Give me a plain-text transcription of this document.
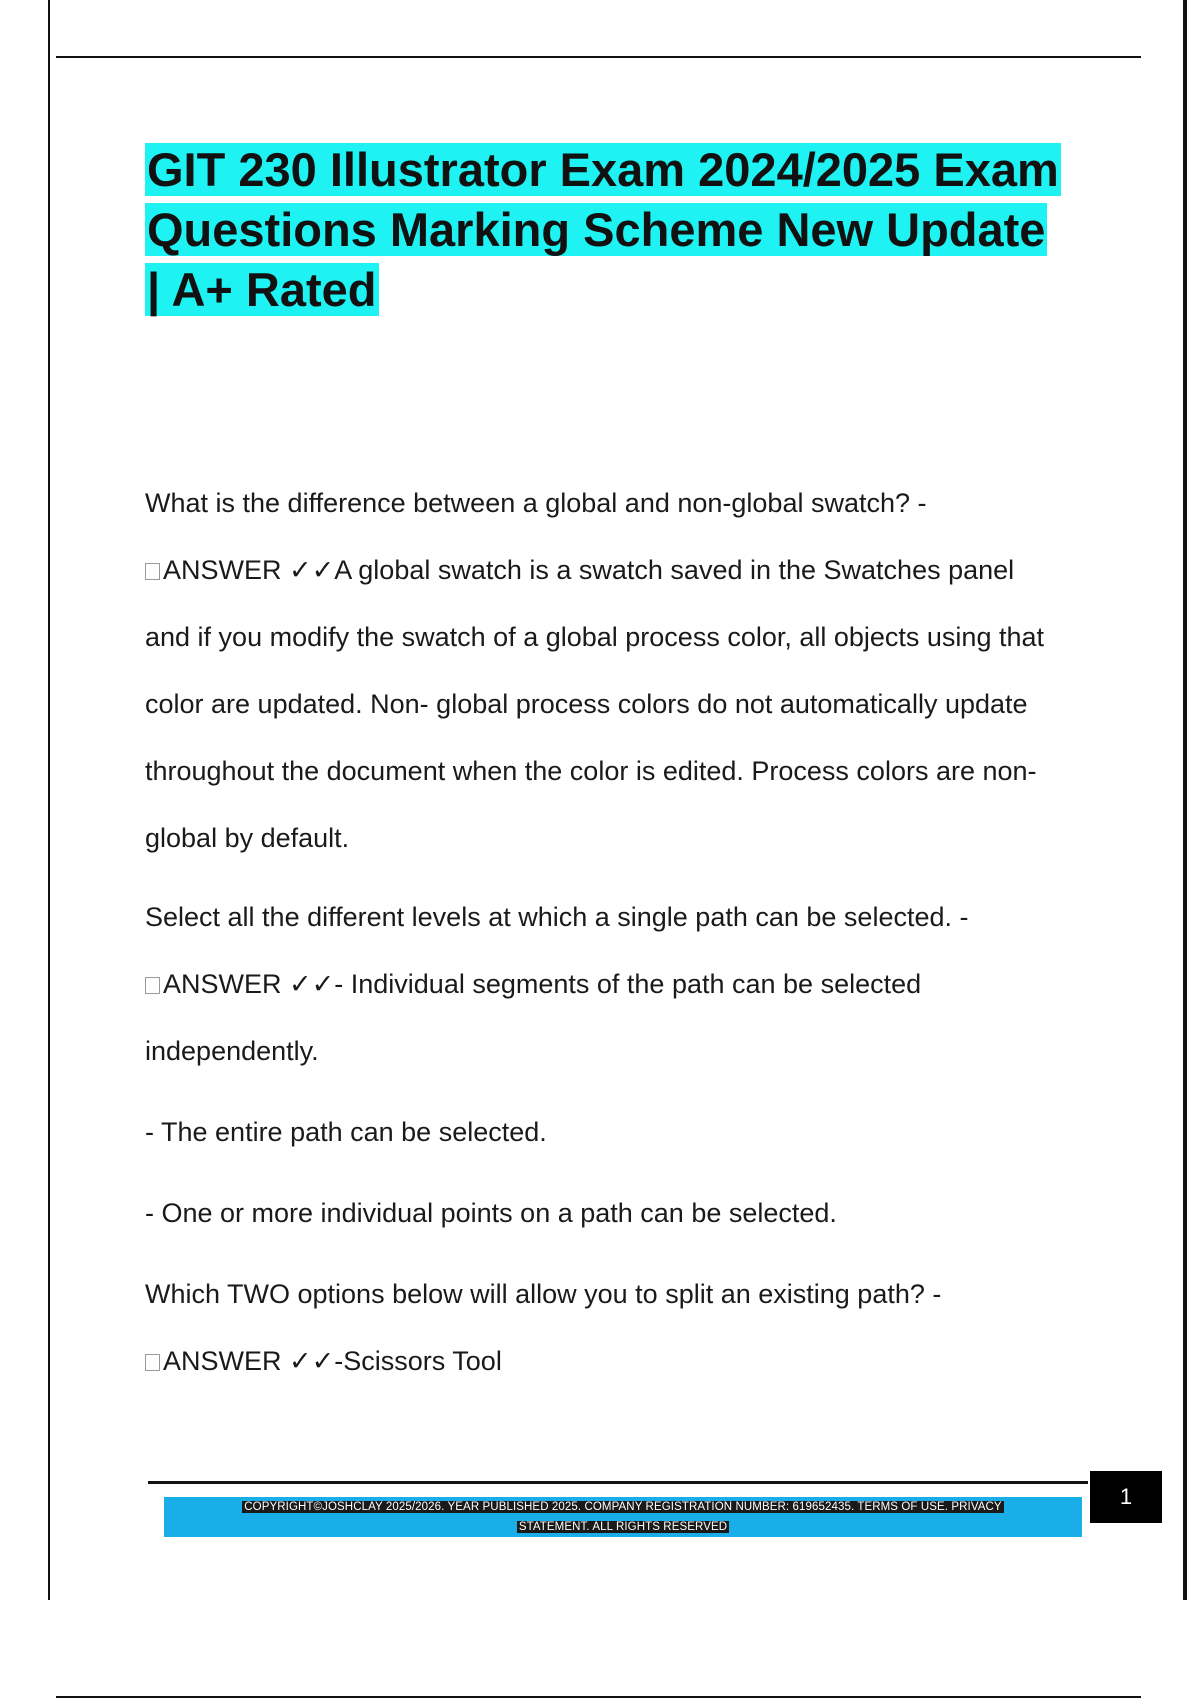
GIT 230 Illustrator Exam 2024/2025 Exam
Questions Marking Scheme New Update
| A+ Rated

What is the difference between a global and non-global swatch? -

ANSWER ✓✓A global swatch is a swatch saved in the Swatches panel

and if you modify the swatch of a global process color, all objects using that

color are updated. Non- global process colors do not automatically update

throughout the document when the color is edited. Process colors are non-

global by default.

Select all the different levels at which a single path can be selected. -

ANSWER ✓✓- Individual segments of the path can be selected

independently.

- The entire path can be selected.

- One or more individual points on a path can be selected.

Which TWO options below will allow you to split an existing path? -

ANSWER ✓✓-Scissors Tool

COPYRIGHT©JOSHCLAY 2025/2026. YEAR PUBLISHED 2025. COMPANY REGISTRATION NUMBER: 619652435. TERMS OF USE. PRIVACY
STATEMENT. ALL RIGHTS RESERVED
1
